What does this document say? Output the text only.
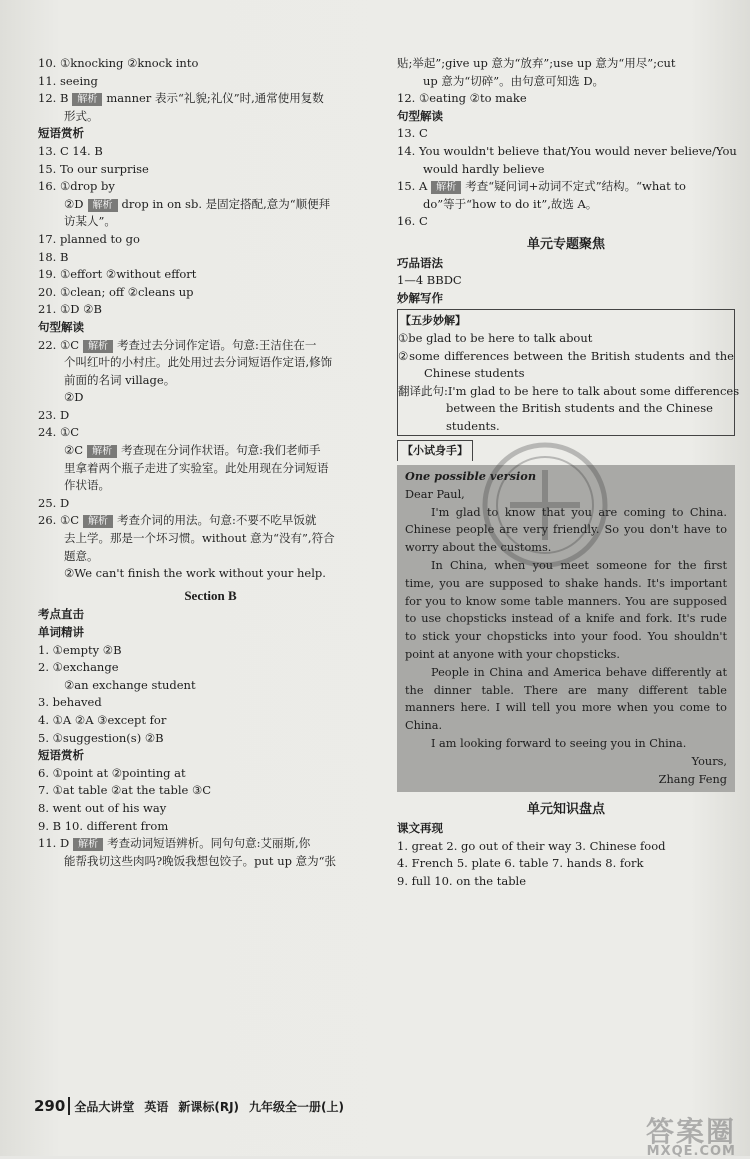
10. ①knocking ②knock into
11. seeing
12. B 解析 manner 表示“礼貌;礼仪”时,通常使用复数
形式。
短语赏析
13. C 14. B
15. To our surprise
16. ①drop by
②D 解析 drop in on sb. 是固定搭配,意为“顺便拜
访某人”。
17. planned to go
18. B
19. ①effort ②without effort
20. ①clean; off ②cleans up
21. ①D ②B
句型解读
22. ①C 解析 考查过去分词作定语。句意:王洁住在一
个叫红叶的小村庄。此处用过去分词短语作定语,修饰
前面的名词 village。
②D
23. D
24. ①C
②C 解析 考查现在分词作状语。句意:我们老师手
里拿着两个瓶子走进了实验室。此处用现在分词短语
作状语。
25. D
26. ①C 解析 考查介词的用法。句意:不要不吃早饭就
去上学。那是一个坏习惯。without 意为“没有”,符合
题意。
②We can't finish the work without your help.
Section B
考点直击
单词精讲
1. ①empty ②B
2. ①exchange
②an exchange student
3. behaved
4. ①A ②A ③except for
5. ①suggestion(s) ②B
短语赏析
6. ①point at ②pointing at
7. ①at table ②at the table ③C
8. went out of his way
9. B 10. different from
11. D 解析 考查动词短语辨析。同句句意:艾丽斯,你
能帮我切这些肉吗?晚饭我想包饺子。put up 意为“张
贴;举起”;give up 意为“放弃”;use up 意为“用尽”;cut
up 意为“切碎”。由句意可知选 D。
12. ①eating ②to make
句型解读
13. C
14. You wouldn't believe that/You would never believe/You
would hardly believe
15. A 解析 考查“疑问词+动词不定式”结构。“what to
do”等于“how to do it”,故选 A。
16. C
单元专题聚焦
巧品语法
1—4 BBDC
妙解写作
【五步妙解】
①be glad to be here to talk about
②some differences between the British students and the
Chinese students
翻译此句:I'm glad to be here to talk about some differences
between the British students and the Chinese
students.
【小试身手】
One possible version
Dear Paul,
I'm glad to know that you are coming to China. Chinese people are very friendly. So you don't have to worry about the customs.
In China, when you meet someone for the first time, you are supposed to shake hands. It's important for you to know some table manners. You are supposed to use chopsticks instead of a knife and fork. It's rude to stick your chopsticks into your food. You shouldn't point at anyone with your chopsticks.
People in China and America behave differently at the dinner table. There are many different table manners here. I will tell you more when you come to China.
I am looking forward to seeing you in China.
Yours,
Zhang Feng
单元知识盘点
课文再现
1. great 2. go out of their way 3. Chinese food
4. French 5. plate 6. table 7. hands 8. fork
9. full 10. on the table
290 全品大讲堂 英语 新课标(RJ) 九年级全一册(上)
答案圈
MXQE.COM
